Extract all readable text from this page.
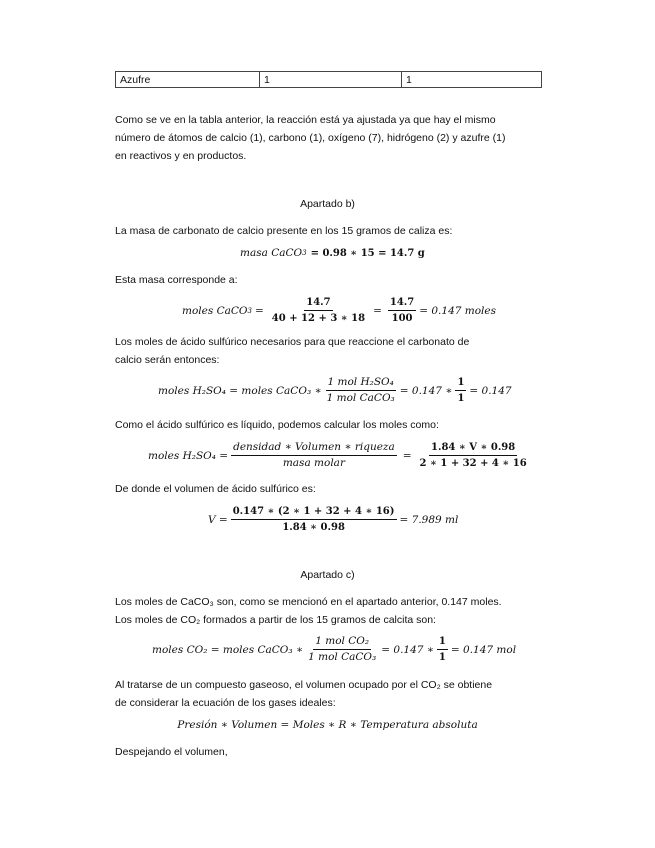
Azufre	1	1
Como se ve en la tabla anterior, la reacción está ya ajustada ya que hay el mismo
número de átomos de calcio (1), carbono (1), oxígeno (7), hidrógeno (2) y azufre (1)
en reactivos y en productos.
Apartado b)
La masa de carbonato de calcio presente en los 15 gramos de caliza es:
masa CaCO 3 = 0.98 ∗ 15 = 14.7 g
Esta masa corresponde a:
moles CaCO $3 = \frac{14.7}{40 + 12 + 3 ∗ 18} = \frac{14.7}{100} = 0.147$ moles
Los moles de ácido sulfúrico necesarios para que reaccione el carbonato de
calcio serán entonces:
moles H₂SO₄ = moles CaCO₃ ∗ $\frac{\text{1 mol H₂SO₄}}{\text{1 mol CaCO₃}} = 0.147$ ∗ $\frac{1}{1} = 0.147$
Como el ácido sulfúrico es líquido, podemos calcular los moles como:
moles $H_2SO_4 = \frac{\text{densidad ∗ Volumen ∗ riqueza}}{\text{masa molar}} = \frac{1.84 ∗ V ∗ 0.98}{2 ∗ 1 + 32 + 4 ∗ 16}$
De donde el volumen de ácido sulfúrico es:
$V = \frac{0.147 ∗ (2 ∗ 1 + 32 + 4 ∗ 16)}{1.84 ∗ 0.98} = 7.989$ ml
Apartado c)
Los moles de CaCO₃ son, como se mencionó en el apartado anterior, 0.147 moles.
Los moles de CO₂ formados a partir de los 15 gramos de calcita son:
moles CO₂ = moles CaCO₃ ∗ $\frac{\text{1 mol CO₂}}{\text{1 mol CaCO₃}} = 0.147$ ∗ $\frac{1}{1} = 0.147$ mol
Al tratarse de un compuesto gaseoso, el volumen ocupado por el CO₂ se obtiene
de considerar la ecuación de los gases ideales:
Presión ∗ Volumen = Moles ∗ R ∗ Temperatura absoluta
Despejando el volumen,
